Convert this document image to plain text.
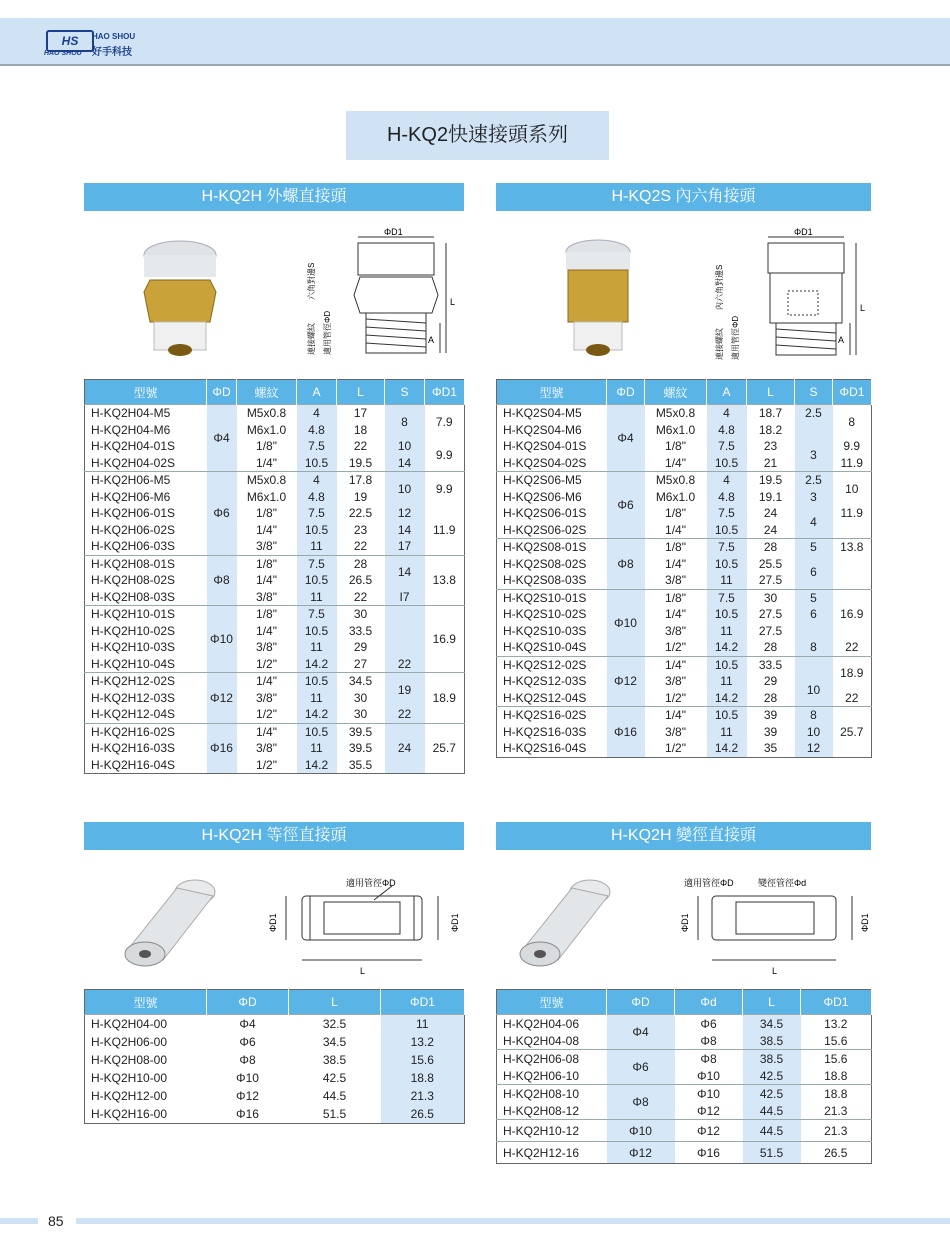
HS
HAO SHOU
HAO SHOU
好手科技
H-KQ2快速接頭系列
H-KQ2H 外螺直接頭	H-KQ2S 內六角接頭
H-KQ2H 等徑直接頭	H-KQ2H 變徑直接頭
ΦD1
L
A
六角對邊S
連接螺紋 適用管徑ΦD
ΦD1
L
A
內六角對邊S
連接螺紋 適用管徑ΦD
適用管徑ΦD
L
ΦD1	ΦD1
適用管徑ΦD	變徑管徑Φd
L
ΦD1	ΦD1
型號	ΦD	螺紋	A	L	S	ΦD1
H-KQ2H04-M5	Φ4	M5x0.8	4	17	8	7.9
H-KQ2H04-M6		M6x1.0	4.8	18		
H-KQ2H04-01S		1/8"	7.5	22	10	9.9
H-KQ2H04-02S		1/4"	10.5	19.5	14	
H-KQ2H06-M5	Φ6	M5x0.8	4	17.8	10	9.9
H-KQ2H06-M6		M6x1.0	4.8	19		
H-KQ2H06-01S		1/8"	7.5	22.5	12	11.9
H-KQ2H06-02S		1/4"	10.5	23	14	
H-KQ2H06-03S		3/8"	11	22	17	
H-KQ2H08-01S	Φ8	1/8"	7.5	28	14	13.8
H-KQ2H08-02S		1/4"	10.5	26.5		
H-KQ2H08-03S		3/8"	11	22	I7	
H-KQ2H10-01S	Φ10	1/8"	7.5	30		16.9
H-KQ2H10-02S		1/4"	10.5	33.5		
H-KQ2H10-03S		3/8"	11	29		
H-KQ2H10-04S		1/2"	14.2	27	22	
H-KQ2H12-02S	Φ12	1/4"	10.5	34.5	19	18.9
H-KQ2H12-03S		3/8"	11	30		
H-KQ2H12-04S		1/2"	14.2	30	22	
H-KQ2H16-02S	Φ16	1/4"	10.5	39.5	24	25.7
H-KQ2H16-03S		3/8"	11	39.5		
H-KQ2H16-04S		1/2"	14.2	35.5		
型號	ΦD	螺紋	A	L	S	ΦD1
H-KQ2S04-M5	Φ4	M5x0.8	4	18.7	2.5	8
H-KQ2S04-M6		M6x1.0	4.8	18.2		
H-KQ2S04-01S		1/8"	7.5	23	3	9.9
H-KQ2S04-02S		1/4"	10.5	21		11.9
H-KQ2S06-M5	Φ6	M5x0.8	4	19.5	2.5	10
H-KQ2S06-M6		M6x1.0	4.8	19.1	3	
H-KQ2S06-01S		1/8"	7.5	24	4	11.9
H-KQ2S06-02S		1/4"	10.5	24		
H-KQ2S08-01S	Φ8	1/8"	7.5	28	5	13.8
H-KQ2S08-02S		1/4"	10.5	25.5	6	
H-KQ2S08-03S		3/8"	11	27.5		
H-KQ2S10-01S	Φ10	1/8"	7.5	30	5	16.9
H-KQ2S10-02S		1/4"	10.5	27.5	6	
H-KQ2S10-03S		3/8"	11	27.5		
H-KQ2S10-04S		1/2"	14.2	28	8	22
H-KQ2S12-02S	Φ12	1/4"	10.5	33.5		18.9
H-KQ2S12-03S		3/8"	11	29	10	
H-KQ2S12-04S		1/2"	14.2	28		22
H-KQ2S16-02S	Φ16	1/4"	10.5	39	8	25.7
H-KQ2S16-03S		3/8"	11	39	10	
H-KQ2S16-04S		1/2"	14.2	35	12	
型號	ΦD	L	ΦD1
H-KQ2H04-00	Φ4	32.5	11
H-KQ2H06-00	Φ6	34.5	13.2
H-KQ2H08-00	Φ8	38.5	15.6
H-KQ2H10-00	Φ10	42.5	18.8
H-KQ2H12-00	Φ12	44.5	21.3
H-KQ2H16-00	Φ16	51.5	26.5
型號	ΦD	Φd	L	ΦD1
H-KQ2H04-06	Φ4	Φ6	34.5	13.2
H-KQ2H04-08		Φ8	38.5	15.6
H-KQ2H06-08	Φ6	Φ8	38.5	15.6
H-KQ2H06-10		Φ10	42.5	18.8
H-KQ2H08-10	Φ8	Φ10	42.5	18.8
H-KQ2H08-12		Φ12	44.5	21.3
H-KQ2H10-12	Φ10	Φ12	44.5	21.3
H-KQ2H12-16	Φ12	Φ16	51.5	26.5
85
